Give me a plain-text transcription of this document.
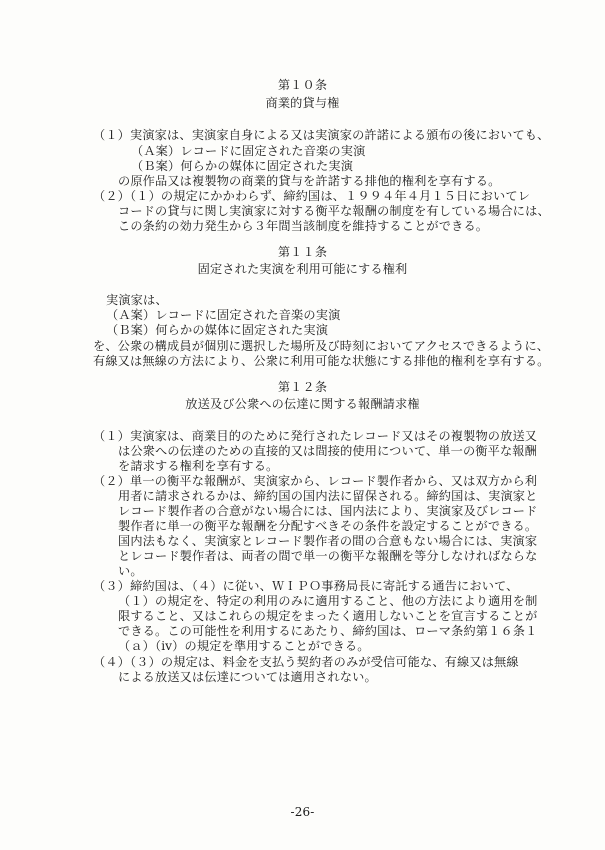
第１０条
商業的貸与権
（１）実演家は、実演家自身による又は実演家の許諾による頒布の後においても、
（Ａ案）レコードに固定された音楽の実演
（Ｂ案）何らかの媒体に固定された実演
の原作品又は複製物の商業的貸与を許諾する排他的権利を享有する。
（２）（１）の規定にかかわらず、締約国は、１９９４年４月１５日においてレ
コードの貸与に関し実演家に対する衡平な報酬の制度を有している場合には、
この条約の効力発生から３年間当該制度を維持することができる。
第１１条
固定された実演を利用可能にする権利
実演家は、
（Ａ案）レコードに固定された音楽の実演
（Ｂ案）何らかの媒体に固定された実演
を、公衆の構成員が個別に選択した場所及び時刻においてアクセスできるように、
有線又は無線の方法により、公衆に利用可能な状態にする排他的権利を享有する。
第１２条
放送及び公衆への伝達に関する報酬請求権
（１）実演家は、商業目的のために発行されたレコード又はその複製物の放送又
は公衆への伝達のための直接的又は間接的使用について、単一の衡平な報酬
を請求する権利を享有する。
（２）単一の衡平な報酬が、実演家から、レコード製作者から、又は双方から利
用者に請求されるかは、締約国の国内法に留保される。締約国は、実演家と
レコード製作者の合意がない場合には、国内法により、実演家及びレコード
製作者に単一の衡平な報酬を分配すべきその条件を設定することができる。
国内法もなく、実演家とレコード製作者の間の合意もない場合には、実演家
とレコード製作者は、両者の間で単一の衡平な報酬を等分しなければならな
い。
（３）締約国は、（４）に従い、ＷＩＰＯ事務局長に寄託する通告において、
（１）の規定を、特定の利用のみに適用すること、他の方法により適用を制
限すること、又はこれらの規定をまったく適用しないことを宣言することが
できる。この可能性を利用するにあたり、締約国は、ローマ条約第１６条１
（ａ）（ⅳ）の規定を準用することができる。
（４）（３）の規定は、料金を支払う契約者のみが受信可能な、有線又は無線
による放送又は伝達については適用されない。
-26-
